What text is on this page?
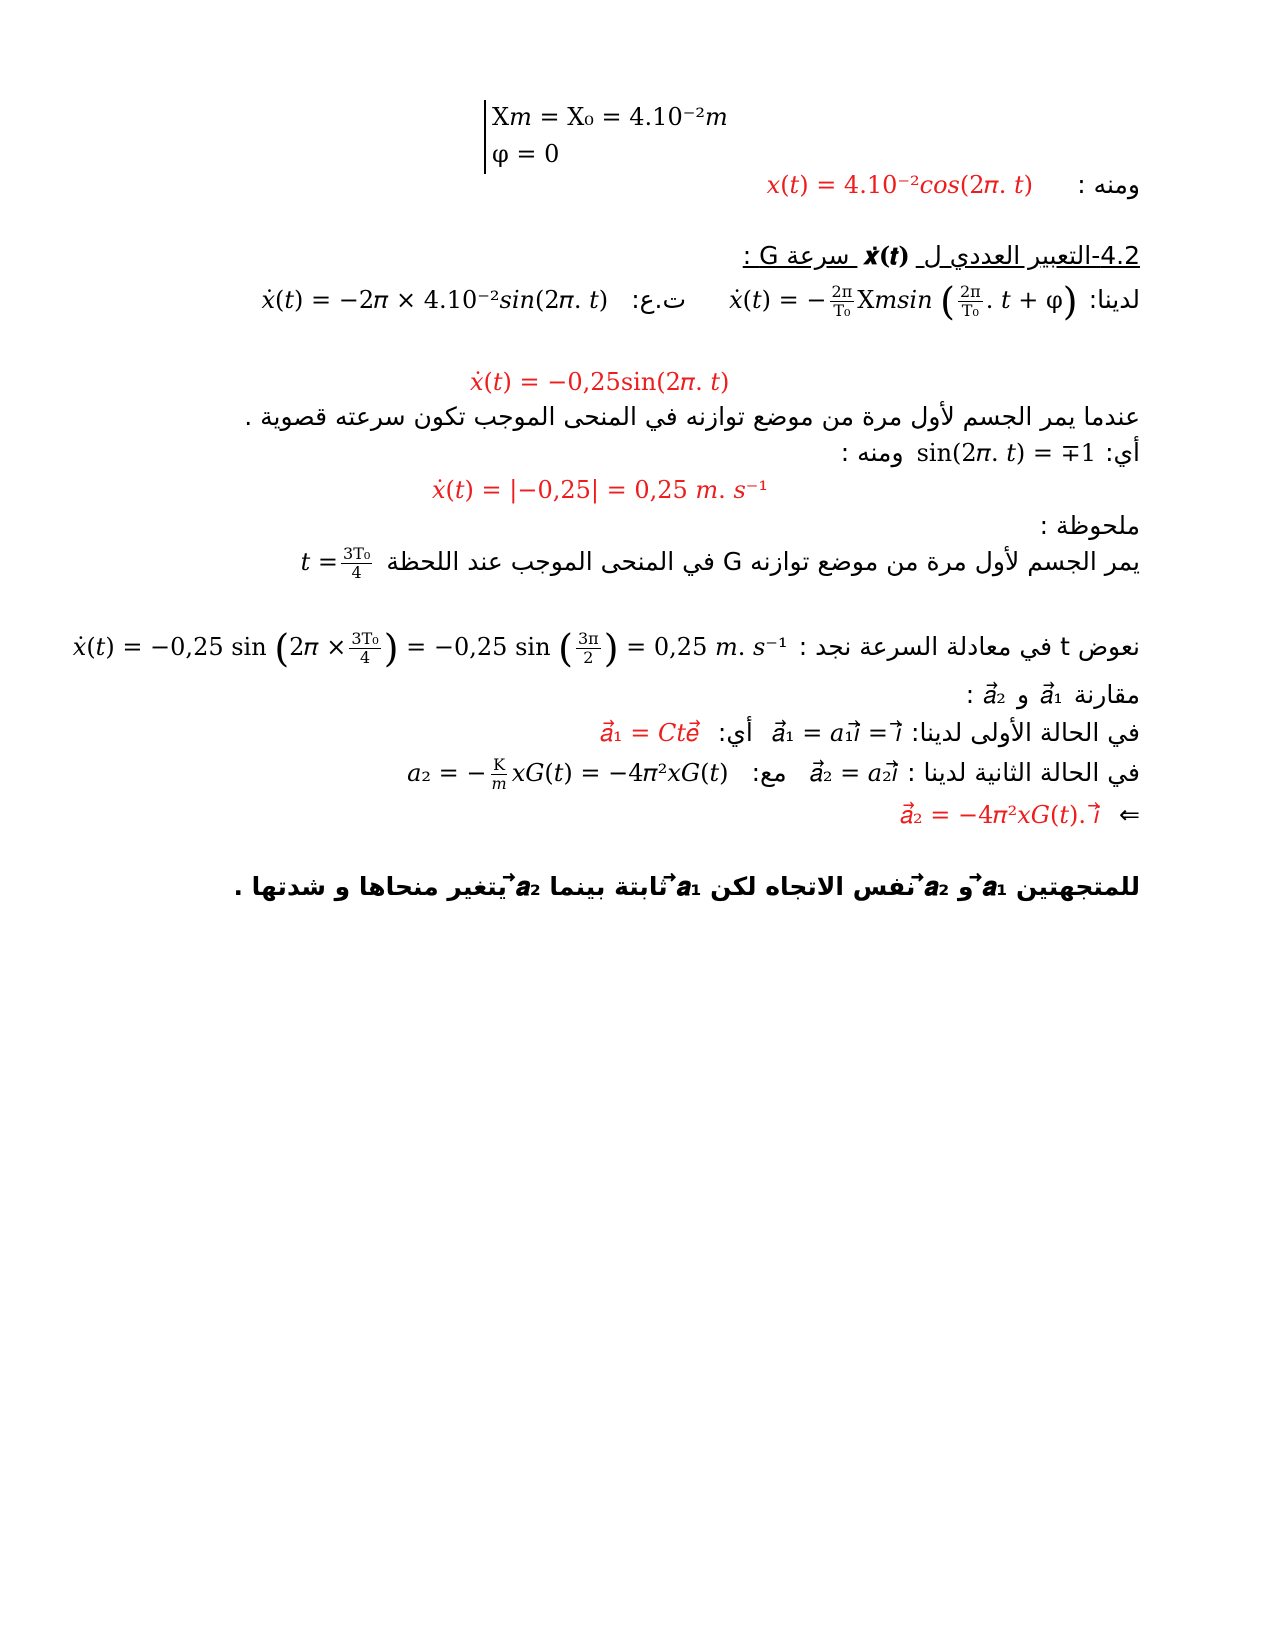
X𝑚 = X₀ = 4.10⁻²𝑚
φ = 0
ومنه :  𝑥(𝑡) = 4.10⁻²𝑐𝑜𝑠(2𝜋. 𝑡)
4.2-التعبير العددي ل 𝒙̇(𝒕) سرعة G :
لدينا: 𝑥̇(𝑡) = − $\frac{2\pi}{\text{T₀}}$ X𝑚𝑠𝑖𝑛 ( $\frac{2\pi}{\text{T₀}}$ . 𝑡 + φ) ت.ع: 𝑥̇(𝑡) = −2𝜋 × 4.10⁻²𝑠𝑖𝑛(2𝜋. 𝑡)
𝑥̇(𝑡) = −0,25sin(2𝜋. 𝑡)
عندما يمر الجسم لأول مرة من موضع توازنه في المنحى الموجب تكون سرعته قصوية .
أي: sin(2𝜋. 𝑡) = ∓1 ومنه :
𝑥̇(𝑡) = |−0,25| = 0,25 𝑚. 𝑠⁻¹
ملحوظة :
يمر الجسم لأول مرة من موضع توازنه G في المنحى الموجب عند اللحظة 𝑡 = $\frac{\text{3T₀}}{4}$
نعوض t في معادلة السرعة نجد : 𝑥̇(𝑡) = −0,25 sin (2𝜋 × $\frac{\text{3T₀}}{4}$ ) = −0,25 sin ( $\frac{3\pi}{2}$ ) = 0,25 𝑚. 𝑠⁻¹
مقارنة 𝑎⃗₁ و 𝑎⃗₂ :
في الحالة الأولى لدينا: 𝑎⃗₁ = 𝑎₁𝑖⃗ = 𝑖⃗ أي: 𝑎⃗₁ = 𝐶𝑡𝑒⃗
في الحالة الثانية لدينا : 𝑎⃗₂ = 𝑎₂𝑖⃗ مع: 𝑎₂ = − $\frac{K}{\text{𝑚}}$ 𝑥𝐺(𝑡) = −4𝜋²𝑥𝐺(𝑡)
⇐ 𝑎⃗₂ = −4𝜋²𝑥𝐺(𝑡). 𝑖⃗
للمتجهتين 𝒂⃗₁ و 𝒂⃗₂ نفس الاتجاه لكن 𝒂⃗₁ ثابتة بينما 𝒂⃗₂ يتغير منحاها و شدتها .
